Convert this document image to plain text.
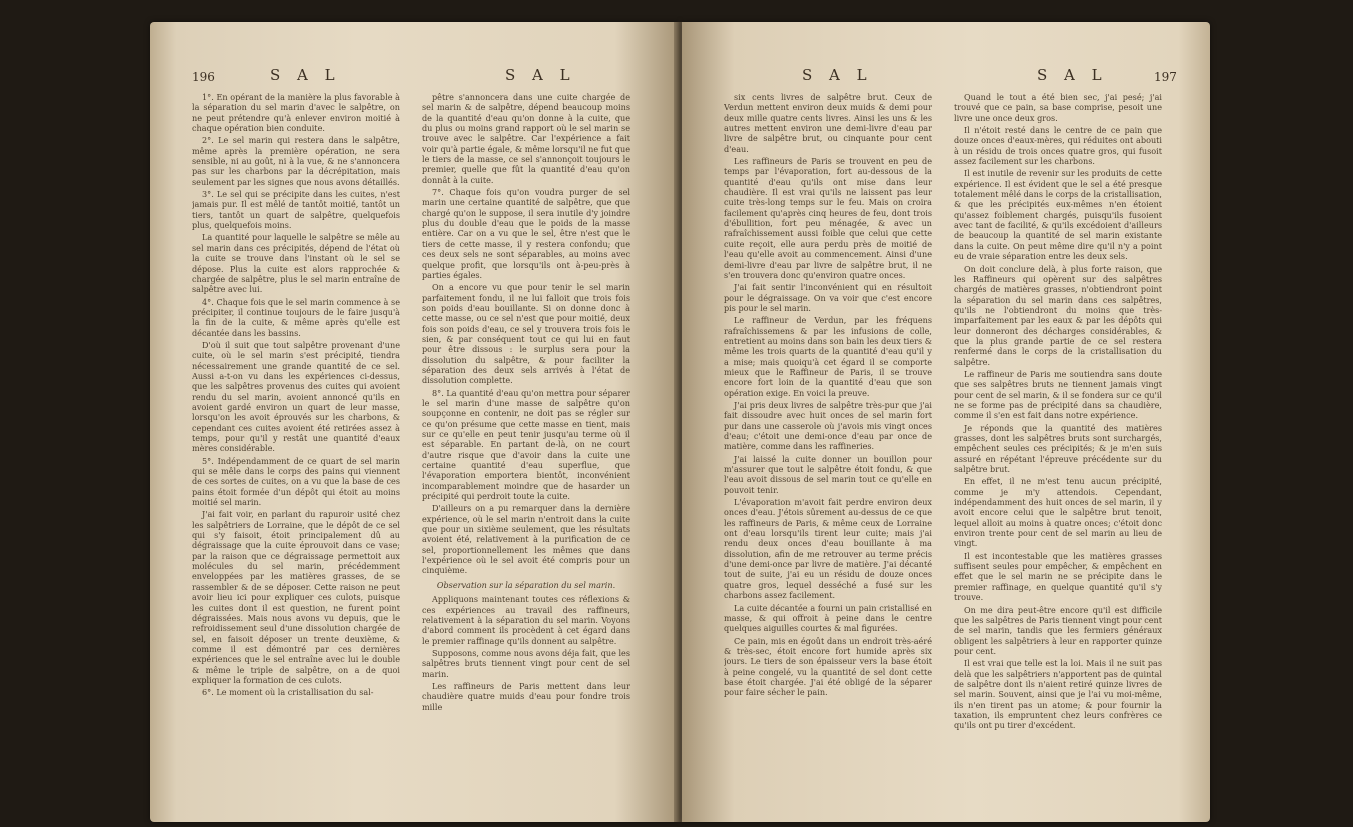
196	S A L	S A L

1°. En opérant de la manière la plus favorable à la séparation du sel marin d'avec le salpêtre, on ne peut prétendre qu'à enlever environ moitié à chaque opération bien conduite.

2°. Le sel marin qui restera dans le salpêtre, même après la première opération, ne sera sensible, ni au goût, ni à la vue, & ne s'annoncera pas sur les charbons par la décrépitation, mais seulement par les signes que nous avons détaillés.

3°. Le sel qui se précipite dans les cuites, n'est jamais pur. Il est mêlé de tantôt moitié, tantôt un tiers, tantôt un quart de salpêtre, quelquefois plus, quelquefois moins.

La quantité pour laquelle le salpêtre se mêle au sel marin dans ces précipités, dépend de l'état où la cuite se trouve dans l'instant où le sel se dépose. Plus la cuite est alors rapprochée & chargée de salpêtre, plus le sel marin entraîne de salpêtre avec lui.

4°. Chaque fois que le sel marin commence à se précipiter, il continue toujours de le faire jusqu'à la fin de la cuite, & même après qu'elle est décantée dans les bassins.

D'où il suit que tout salpêtre provenant d'une cuite, où le sel marin s'est précipité, tiendra nécessairement une grande quantité de ce sel. Aussi a-t-on vu dans les expériences ci-dessus, que les salpêtres provenus des cuites qui avoient rendu du sel marin, avoient annoncé qu'ils en avoient gardé environ un quart de leur masse, lorsqu'on les avoit éprouvés sur les charbons, & cependant ces cuites avoient été retirées assez à temps, pour qu'il y restât une quantité d'eaux mères considérable.

5°. Indépendamment de ce quart de sel marin qui se mêle dans le corps des pains qui viennent de ces sortes de cuites, on a vu que la base de ces pains étoit formée d'un dépôt qui étoit au moins moitié sel marin.

J'ai fait voir, en parlant du rapuroir usité chez les salpêtriers de Lorraine, que le dépôt de ce sel qui s'y faisoit, étoit principalement dû au dégraissage que la cuite éprouvoit dans ce vase; par la raison que ce dégraissage permettoit aux molécules du sel marin, précédemment enveloppées par les matières grasses, de se rassembler & de se déposer. Cette raison ne peut avoir lieu ici pour expliquer ces culots, puisque les cuites dont il est question, ne furent point dégraissées. Mais nous avons vu depuis, que le refroidissement seul d'une dissolution chargée de sel, en faisoit déposer un trente deuxième, & comme il est démontré par ces dernières expériences que le sel entraîne avec lui le double & même le triple de salpêtre, on a de quoi expliquer la formation de ces culots.

6°. Le moment où la cristallisation du sal-

pêtre s'annoncera dans une cuite chargée de sel marin & de salpêtre, dépend beaucoup moins de la quantité d'eau qu'on donne à la cuite, que du plus ou moins grand rapport où le sel marin se trouve avec le salpêtre. Car l'expérience a fait voir qu'à partie égale, & même lorsqu'il ne fut que le tiers de la masse, ce sel s'annonçoit toujours le premier, quelle que fût la quantité d'eau qu'on donnât à la cuite.

7°. Chaque fois qu'on voudra purger de sel marin une certaine quantité de salpêtre, que que chargé qu'on le suppose, il sera inutile d'y joindre plus du double d'eau que le poids de la masse entière. Car on a vu que le sel, être n'est que le tiers de cette masse, il y restera confondu; que ces deux sels ne sont séparables, au moins avec quelque profit, que lorsqu'ils ont à-peu-près à parties égales.

On a encore vu que pour tenir le sel marin parfaitement fondu, il ne lui falloit que trois fois son poids d'eau bouillante. Si on donne donc à cette masse, ou ce sel n'est que pour moitié, deux fois son poids d'eau, ce sel y trouvera trois fois le sien, & par conséquent tout ce qui lui en faut pour être dissous : le surplus sera pour la dissolution du salpêtre, & pour faciliter la séparation des deux sels arrivés à l'état de dissolution complette.

8°. La quantité d'eau qu'on mettra pour séparer le sel marin d'une masse de salpêtre qu'on soupçonne en contenir, ne doit pas se régler sur ce qu'on présume que cette masse en tient, mais sur ce qu'elle en peut tenir jusqu'au terme où il est séparable. En partant de-là, on ne court d'autre risque que d'avoir dans la cuite une certaine quantité d'eau superflue, que l'évaporation emportera bientôt, inconvénient incomparablement moindre que de hasarder un précipité qui perdroit toute la cuite.

D'ailleurs on a pu remarquer dans la dernière expérience, où le sel marin n'entroit dans la cuite que pour un sixième seulement, que les résultats avoient été, relativement à la purification de ce sel, proportionnellement les mêmes que dans l'expérience où le sel avoit été compris pour un cinquième.

Observation sur la séparation du sel marin.

Appliquons maintenant toutes ces réflexions & ces expériences au travail des raffineurs, relativement à la séparation du sel marin. Voyons d'abord comment ils procèdent à cet égard dans le premier raffinage qu'ils donnent au salpêtre.

Supposons, comme nous avons déja fait, que les salpêtres bruts tiennent vingt pour cent de sel marin.

Les raffineurs de Paris mettent dans leur chaudière quatre muids d'eau pour fondre trois mille

S A L	S A L	197

six cents livres de salpêtre brut. Ceux de Verdun mettent environ deux muids & demi pour deux mille quatre cents livres. Ainsi les uns & les autres mettent environ une demi-livre d'eau par livre de salpêtre brut, ou cinquante pour cent d'eau.

Les raffineurs de Paris se trouvent en peu de temps par l'évaporation, fort au-dessous de la quantité d'eau qu'ils ont mise dans leur chaudière. Il est vrai qu'ils ne laissent pas leur cuite très-long temps sur le feu. Mais on croira facilement qu'après cinq heures de feu, dont trois d'ébullition, fort peu ménagée, & avec un rafraîchissement aussi foible que celui que cette cuite reçoit, elle aura perdu près de moitié de l'eau qu'elle avoit au commencement. Ainsi d'une demi-livre d'eau par livre de salpêtre brut, il ne s'en trouvera donc qu'environ quatre onces.

J'ai fait sentir l'inconvénient qui en résultoit pour le dégraissage. On va voir que c'est encore pis pour le sel marin.

Le raffineur de Verdun, par les fréquens rafraîchissemens & par les infusions de colle, entretient au moins dans son bain les deux tiers & même les trois quarts de la quantité d'eau qu'il y a mise; mais quoiqu'à cet égard il se comporte mieux que le Raffineur de Paris, il se trouve encore fort loin de la quantité d'eau que son opération exige. En voici la preuve.

J'ai pris deux livres de salpêtre très-pur que j'ai fait dissoudre avec huit onces de sel marin fort pur dans une casserole où j'avois mis vingt onces d'eau; c'étoit une demi-once d'eau par once de matière, comme dans les raffineries.

J'ai laissé la cuite donner un bouillon pour m'assurer que tout le salpêtre étoit fondu, & que l'eau avoit dissous de sel marin tout ce qu'elle en pouvoit tenir.

L'évaporation m'avoit fait perdre environ deux onces d'eau. J'étois sûrement au-dessus de ce que les raffineurs de Paris, & même ceux de Lorraine ont d'eau lorsqu'ils tirent leur cuite; mais j'ai rendu deux onces d'eau bouillante à ma dissolution, afin de me retrouver au terme précis d'une demi-once par livre de matière. J'ai décanté tout de suite, j'ai eu un résidu de douze onces quatre gros, lequel desséché a fusé sur les charbons assez facilement.

La cuite décantée a fourni un pain cristallisé en masse, & qui offroit à peine dans le centre quelques aiguilles courtes & mal figurées.

Ce pain, mis en égoût dans un endroit très-aéré & très-sec, étoit encore fort humide après six jours. Le tiers de son épaisseur vers la base étoit à peine congelé, vu la quantité de sel dont cette base étoit chargée. J'ai été obligé de la séparer pour faire sécher le pain.

Quand le tout a été bien sec, j'ai pesé; j'ai trouvé que ce pain, sa base comprise, pesoit une livre une once deux gros.

Il n'étoit resté dans le centre de ce pain que douze onces d'eaux-mères, qui réduites ont abouti à un résidu de trois onces quatre gros, qui fusoit assez facilement sur les charbons.

Il est inutile de revenir sur les produits de cette expérience. Il est évident que le sel a été presque totalement mêlé dans le corps de la cristallisation, & que les précipités eux-mêmes n'en étoient qu'assez foiblement chargés, puisqu'ils fusoient avec tant de facilité, & qu'ils excédoient d'ailleurs de beaucoup la quantité de sel marin existante dans la cuite. On peut même dire qu'il n'y a point eu de vraie séparation entre les deux sels.

On doit conclure delà, à plus forte raison, que les Raffineurs qui opèrent sur des salpêtres chargés de matières grasses, n'obtiendront point la séparation du sel marin dans ces salpêtres, qu'ils ne l'obtiendront du moins que très-imparfaitement par les eaux & par les dépôts qui leur donneront des décharges considérables, & que la plus grande partie de ce sel restera renfermé dans le corps de la cristallisation du salpêtre.

Le raffineur de Paris me soutiendra sans doute que ses salpêtres bruts ne tiennent jamais vingt pour cent de sel marin, & il se fondera sur ce qu'il ne se forme pas de précipité dans sa chaudière, comme il s'en est fait dans notre expérience.

Je réponds que la quantité des matières grasses, dont les salpêtres bruts sont surchargés, empêchent seules ces précipités; & je m'en suis assuré en répétant l'épreuve précédente sur du salpêtre brut.

En effet, il ne m'est tenu aucun précipité, comme je m'y attendois. Cependant, indépendamment des huit onces de sel marin, il y avoit encore celui que le salpêtre brut tenoit, lequel alloit au moins à quatre onces; c'étoit donc environ trente pour cent de sel marin au lieu de vingt.

Il est incontestable que les matières grasses suffisent seules pour empêcher, & empêchent en effet que le sel marin ne se précipite dans le premier raffinage, en quelque quantité qu'il s'y trouve.

On me dira peut-être encore qu'il est difficile que les salpêtres de Paris tiennent vingt pour cent de sel marin, tandis que les fermiers généraux obligent les salpêtriers à leur en rapporter quinze pour cent.

Il est vrai que telle est la loi. Mais il ne suit pas delà que les salpêtriers n'apportent pas de quintal de salpêtre dont ils n'aient retiré quinze livres de sel marin. Souvent, ainsi que je l'ai vu moi-même, ils n'en tirent pas un atome; & pour fournir la taxation, ils empruntent chez leurs confrères ce qu'ils ont pu tirer d'excédent.
